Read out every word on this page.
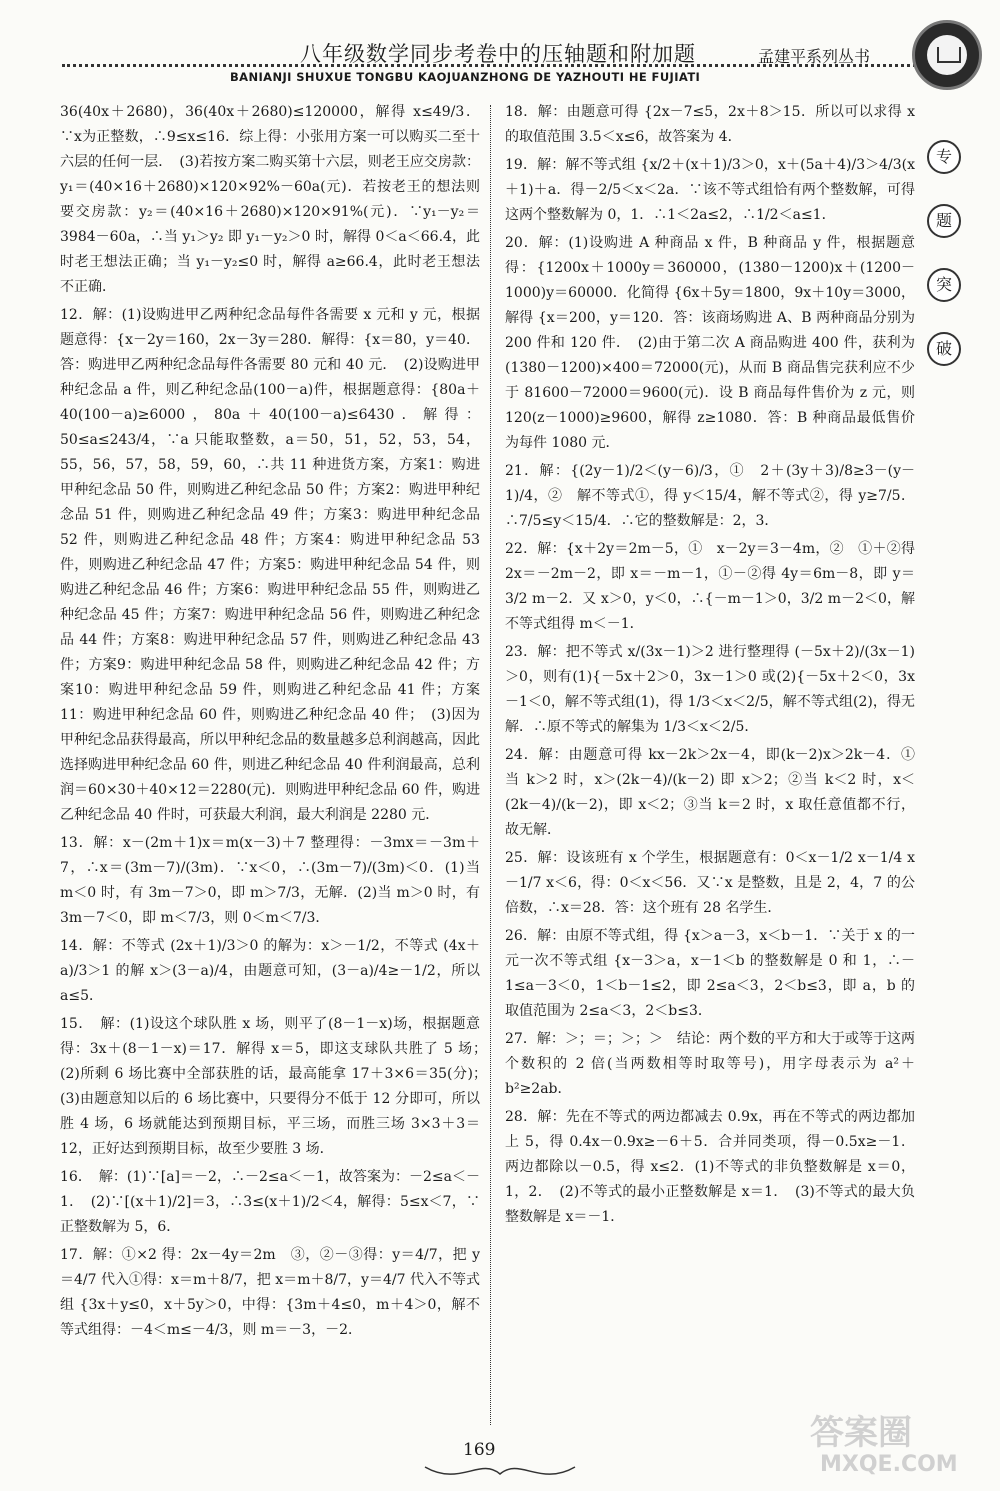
八年级数学同步考卷中的压轴题和附加题	孟建平系列丛书
BANIANJI SHUXUE TONGBU KAOJUANZHONG DE YAZHOUTI HE FUJIATI

36(40x＋2680)，36(40x＋2680)≤120000，解得 x≤49/3．∵x为正整数，∴9≤x≤16．综上得：小张用方案一可以购买二至十六层的任何一层．　(3)若按方案二购买第十六层，则老王应交房款：y₁＝(40×16＋2680)×120×92%－60a(元)．若按老王的想法则要交房款：y₂＝(40×16＋2680)×120×91%(元)．∵y₁－y₂＝3984－60a，∴当 y₁＞y₂ 即 y₁－y₂＞0 时，解得 0＜a＜66.4，此时老王想法正确；当 y₁－y₂≤0 时，解得 a≥66.4，此时老王想法不正确．

12．解：(1)设购进甲乙两种纪念品每件各需要 x 元和 y 元，根据题意得：{x－2y＝160，2x－3y＝280．解得：{x＝80，y＝40．答：购进甲乙两种纪念品每件各需要 80 元和 40 元．　(2)设购进甲种纪念品 a 件，则乙种纪念品(100－a)件，根据题意得：{80a＋40(100－a)≥6000，80a＋40(100－a)≤6430．解得：50≤a≤243/4，∵a 只能取整数，a＝50，51，52，53，54，55，56，57，58，59，60，∴共 11 种进货方案，方案1：购进甲种纪念品 50 件，则购进乙种纪念品 50 件；方案2：购进甲种纪念品 51 件，则购进乙种纪念品 49 件；方案3：购进甲种纪念品 52 件，则购进乙种纪念品 48 件；方案4：购进甲种纪念品 53 件，则购进乙种纪念品 47 件；方案5：购进甲种纪念品 54 件，则购进乙种纪念品 46 件；方案6：购进甲种纪念品 55 件，则购进乙种纪念品 45 件；方案7：购进甲种纪念品 56 件，则购进乙种纪念品 44 件；方案8：购进甲种纪念品 57 件，则购进乙种纪念品 43 件；方案9：购进甲种纪念品 58 件，则购进乙种纪念品 42 件；方案10：购进甲种纪念品 59 件，则购进乙种纪念品 41 件；方案11：购进甲种纪念品 60 件，则购进乙种纪念品 40 件；　(3)因为甲种纪念品获得最高，所以甲种纪念品的数量越多总利润越高，因此选择购进甲种纪念品 60 件，则进乙种纪念品 40 件利润最高，总利润＝60×30＋40×12＝2280(元)．则购进甲种纪念品 60 件，购进乙种纪念品 40 件时，可获最大利润，最大利润是 2280 元．

13．解：x－(2m＋1)x＝m(x－3)＋7 整理得：－3mx＝－3m＋7，∴x＝(3m－7)/(3m)．∵x＜0，∴(3m－7)/(3m)＜0．(1)当 m＜0 时，有 3m－7＞0，即 m＞7/3，无解．(2)当 m＞0 时，有 3m－7＜0，即 m＜7/3，则 0＜m＜7/3．

14．解：不等式 (2x＋1)/3＞0 的解为：x＞－1/2，不等式 (4x＋a)/3＞1 的解 x＞(3－a)/4，由题意可知，(3－a)/4≥－1/2，所以 a≤5．

15．　解：(1)设这个球队胜 x 场，则平了(8－1－x)场，根据题意得：3x＋(8－1－x)＝17．解得 x＝5，即这支球队共胜了 5 场；　(2)所剩 6 场比赛中全部获胜的话，最高能拿 17＋3×6＝35(分)；　(3)由题意知以后的 6 场比赛中，只要得分不低于 12 分即可，所以胜 4 场，6 场就能达到预期目标，平三场，而胜三场 3×3＋3＝12，正好达到预期目标，故至少要胜 3 场．

16．　解：(1)∵[a]＝－2，∴－2≤a＜－1，故答案为：－2≤a＜－1．　(2)∵[(x＋1)/2]＝3，∴3≤(x＋1)/2＜4，解得：5≤x＜7，∵正整数解为 5，6．

17．解：①×2 得：2x－4y＝2m　③，②－③得：y＝4/7，把 y＝4/7 代入①得：x＝m＋8/7，把 x＝m＋8/7，y＝4/7 代入不等式组 {3x＋y≤0，x＋5y＞0，中得：{3m＋4≤0，m＋4＞0，解不等式组得：－4＜m≤－4/3，则 m＝－3，－2．

18．解：由题意可得 {2x－7≤5，2x＋8＞15．所以可以求得 x 的取值范围 3.5＜x≤6，故答案为 4．

19．解：解不等式组 {x/2＋(x＋1)/3＞0，x＋(5a＋4)/3＞4/3(x＋1)＋a．得－2/5＜x＜2a．∵该不等式组恰有两个整数解，可得这两个整数解为 0，1．∴1＜2a≤2，∴1/2＜a≤1．

20．解：(1)设购进 A 种商品 x 件，B 种商品 y 件，根据题意得：{1200x＋1000y＝360000，(1380－1200)x＋(1200－1000)y＝60000．化简得 {6x＋5y＝1800，9x＋10y＝3000，解得 {x＝200，y＝120．答：该商场购进 A、B 两种商品分别为 200 件和 120 件．　(2)由于第二次 A 商品购进 400 件，获利为(1380－1200)×400＝72000(元)，从而 B 商品售完获利应不少于 81600－72000＝9600(元)．设 B 商品每件售价为 z 元，则 120(z－1000)≥9600，解得 z≥1080．答：B 种商品最低售价为每件 1080 元．

21．解：{(2y－1)/2＜(y－6)/3，①　2＋(3y＋3)/8≥3－(y－1)/4，②　解不等式①，得 y＜15/4，解不等式②，得 y≥7/5．∴7/5≤y＜15/4．∴它的整数解是：2，3．

22．解：{x＋2y＝2m－5，①　x－2y＝3－4m，②　①＋②得 2x＝－2m－2，即 x＝－m－1，①－②得 4y＝6m－8，即 y＝3/2 m－2．又 x＞0，y＜0，∴{－m－1＞0，3/2 m－2＜0，解不等式组得 m＜－1．

23．解：把不等式 x/(3x－1)＞2 进行整理得 (－5x＋2)/(3x－1)＞0，则有(1){－5x＋2＞0，3x－1＞0 或(2){－5x＋2＜0，3x－1＜0，解不等式组(1)，得 1/3＜x＜2/5，解不等式组(2)，得无解．∴原不等式的解集为 1/3＜x＜2/5．

24．解：由题意可得 kx－2k＞2x－4，即(k－2)x＞2k－4．①当 k＞2 时，x＞(2k－4)/(k－2) 即 x＞2；②当 k＜2 时，x＜(2k－4)/(k－2)，即 x＜2；③当 k＝2 时，x 取任意值都不行，故无解．

25．解：设该班有 x 个学生，根据题意有：0＜x－1/2 x－1/4 x－1/7 x＜6，得：0＜x＜56．又∵x 是整数，且是 2，4，7 的公倍数，∴x＝28．答：这个班有 28 名学生．

26．解：由原不等式组，得 {x＞a－3，x＜b－1．∵关于 x 的一元一次不等式组 {x－3＞a，x－1＜b 的整数解是 0 和 1，∴－1≤a－3＜0，1＜b－1≤2，即 2≤a＜3，2＜b≤3，即 a，b 的取值范围为 2≤a＜3，2＜b≤3．

27．解：＞；＝；＞；＞　结论：两个数的平方和大于或等于这两个数积的 2 倍(当两数相等时取等号)，用字母表示为 a²＋b²≥2ab．

28．解：先在不等式的两边都减去 0.9x，再在不等式的两边都加上 5，得 0.4x－0.9x≥－6＋5．合并同类项，得－0.5x≥－1．两边都除以－0.5，得 x≤2．(1)不等式的非负整数解是 x＝0，1，2．　(2)不等式的最小正整数解是 x＝1．　(3)不等式的最大负整数解是 x＝－1．

专
题
突
破
169	答案圈
MXQE.COM
